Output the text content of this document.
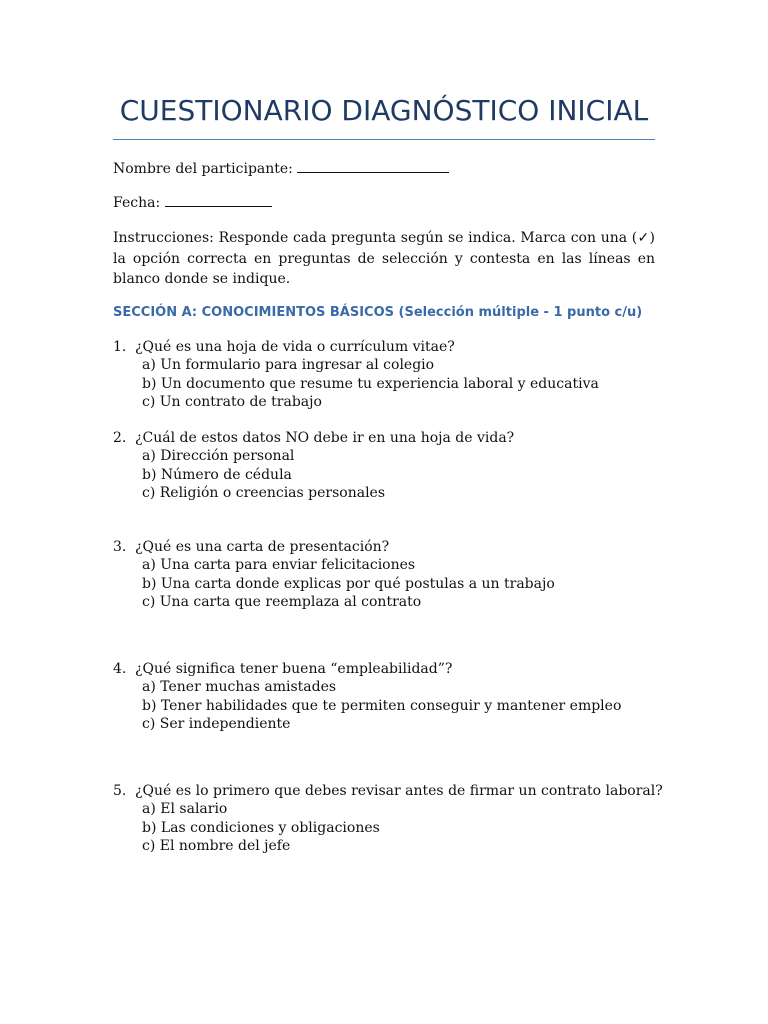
CUESTIONARIO DIAGNÓSTICO INICIAL
Nombre del participante:
Fecha:
Instrucciones: Responde cada pregunta según se indica. Marca con una (✓) la opción correcta en preguntas de selección y contesta en las líneas en blanco donde se indique.
SECCIÓN A: CONOCIMIENTOS BÁSICOS (Selección múltiple - 1 punto c/u)
1. ¿Qué es una hoja de vida o currículum vitae?
a) Un formulario para ingresar al colegio
b) Un documento que resume tu experiencia laboral y educativa
c) Un contrato de trabajo
2. ¿Cuál de estos datos NO debe ir en una hoja de vida?
a) Dirección personal
b) Número de cédula
c) Religión o creencias personales
3. ¿Qué es una carta de presentación?
a) Una carta para enviar felicitaciones
b) Una carta donde explicas por qué postulas a un trabajo
c) Una carta que reemplaza al contrato
4. ¿Qué significa tener buena “empleabilidad”?
a) Tener muchas amistades
b) Tener habilidades que te permiten conseguir y mantener empleo
c) Ser independiente
5. ¿Qué es lo primero que debes revisar antes de firmar un contrato laboral?
a) El salario
b) Las condiciones y obligaciones
c) El nombre del jefe
